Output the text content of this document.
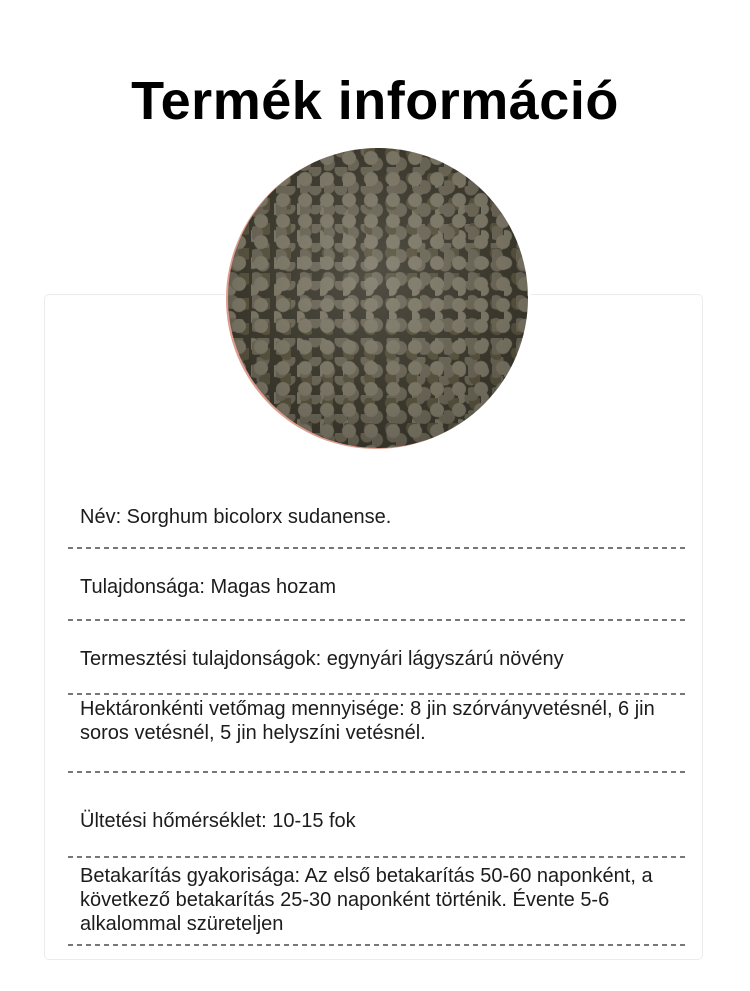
Termék információ

Név: Sorghum bicolorx sudanense.

Tulajdonsága: Magas hozam

Termesztési tulajdonságok: egynyári lágyszárú növény

Hektáronkénti vetőmag mennyisége: 8 jin szórványvetésnél, 6 jin soros vetésnél, 5 jin helyszíni vetésnél.

Ültetési hőmérséklet: 10-15 fok

Betakarítás gyakorisága: Az első betakarítás 50-60 naponként, a következő betakarítás 25-30 naponként történik. Évente 5-6 alkalommal szüreteljen
